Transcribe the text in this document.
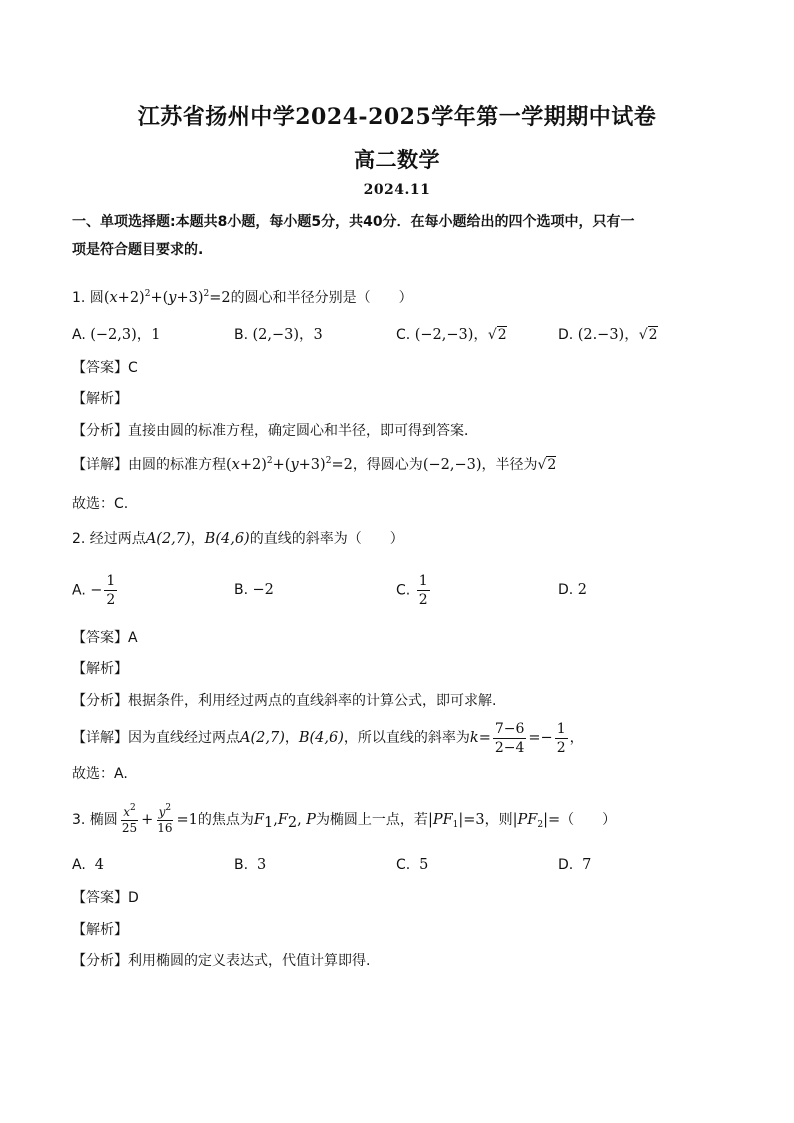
江苏省扬州中学2024-2025学年第一学期期中试卷
高二数学
2024.11
一、单项选择题:本题共8小题，每小题5分，共40分．在每小题给出的四个选项中，只有一
项是符合题目要求的.
1. 圆$(x+2)^2+(y+3)^2=2$的圆心和半径分别是（　　）
A. (−2,3)，1	B. (2,−3)，3	C. (−2,−3)，√2	D. (2.−3)，√2
【答案】C
【解析】
【分析】直接由圆的标准方程，确定圆心和半径，即可得到答案．
【详解】由圆的标准方程$(x+2)^2+(y+3)^2=2$，得圆心为(−2,−3)，半径为√2
故选：C.
2. 经过两点A(2,7)，B(4,6)的直线的斜率为（　　）
A. − $\frac{1}{2}$	B. −2	C. $\frac{1}{2}$	D. 2
【答案】A
【解析】
【分析】根据条件，利用经过两点的直线斜率的计算公式，即可求解.
【详解】因为直线经过两点A(2,7)，B(4,6)，所以直线的斜率为$k= \frac{7-6}{2-4} =- \frac{1}{2}$ ，
故选：A.
3. 椭圆 $\frac{x^2}{25} + \frac{y^2}{16} =1$的焦点为$F_1,F_2$, P为椭圆上一点，若$|PF_1|=3$，则$|PF_2|=$（　　）
A. 4	B. 3	C. 5	D. 7
【答案】D
【解析】
【分析】利用椭圆的定义表达式，代值计算即得.
